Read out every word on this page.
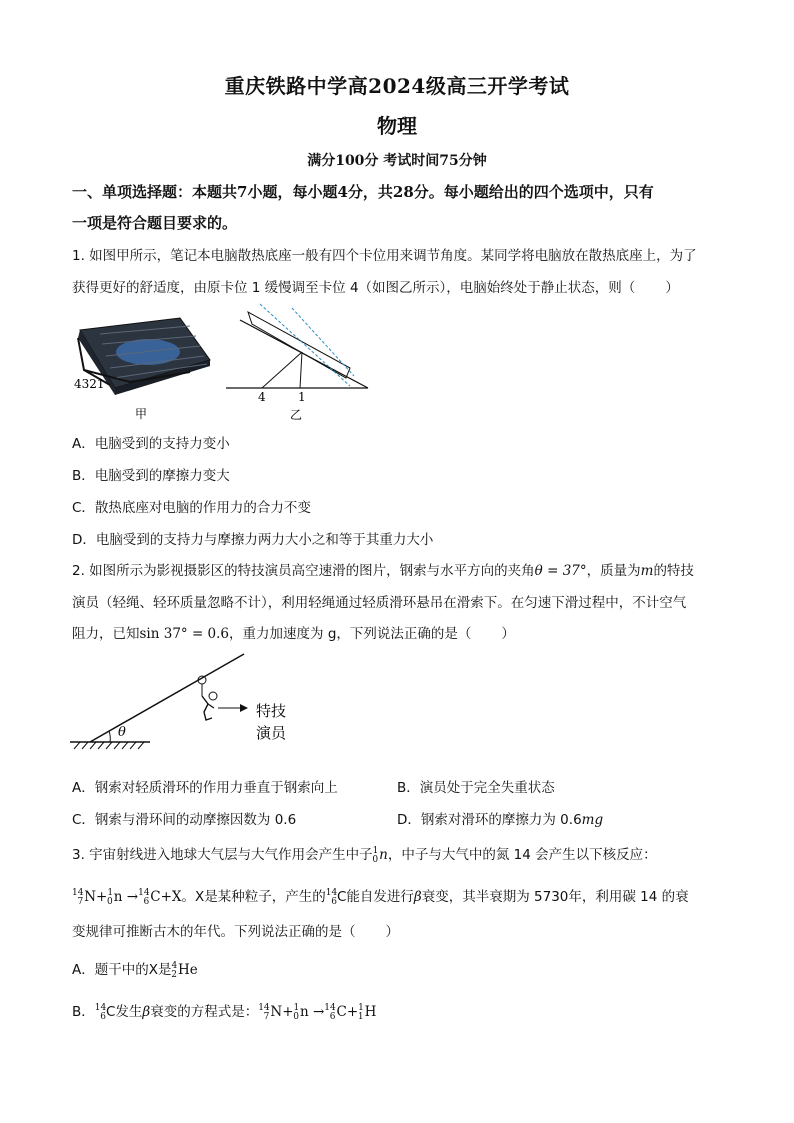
重庆铁路中学高2024级高三开学考试
物理
满分100分 考试时间75分钟
一、单项选择题：本题共7小题，每小题4分，共28分。每小题给出的四个选项中，只有
一项是符合题目要求的。
1. 如图甲所示，笔记本电脑散热底座一般有四个卡位用来调节角度。某同学将电脑放在散热底座上，为了
获得更好的舒适度，由原卡位 1 缓慢调至卡位 4（如图乙所示），电脑始终处于静止状态，则（ ）
4321
甲
4	1
乙
A．电脑受到的支持力变小
B．电脑受到的摩擦力变大
C．散热底座对电脑的作用力的合力不变
D．电脑受到的支持力与摩擦力两力大小之和等于其重力大小
2. 如图所示为影视摄影区的特技演员高空速滑的图片，钢索与水平方向的夹角θ = 37°，质量为m的特技
演员（轻绳、轻环质量忽略不计），利用轻绳通过轻质滑环悬吊在滑索下。在匀速下滑过程中，不计空气
阻力，已知sin 37° = 0.6，重力加速度为 g，下列说法正确的是（ ）
θ
特技
演员
A．钢索对轻质滑环的作用力垂直于钢索向上	B．演员处于完全失重状态
C．钢索与滑环间的动摩擦因数为 0.6	D．钢索对滑环的摩擦力为 0.6mg
3. 宇宙射线进入地球大气层与大气作用会产生中子$^1_0$n，中子与大气中的氮 14 会产生以下核反应：
$^{14}_7$N+$^1_0$n →$^{14}_6$C+X。X是某种粒子，产生的$^{14}_6$C能自发进行β衰变，其半衰期为 5730年，利用碳 14 的衰
变规律可推断古木的年代。下列说法正确的是（ ）
A．题干中的X是$^4_2$He
B．$^{14}_6$C发生β衰变的方程式是：$^{14}_7$N+$^1_0$n →$^{14}_6$C+$^1_1$H
